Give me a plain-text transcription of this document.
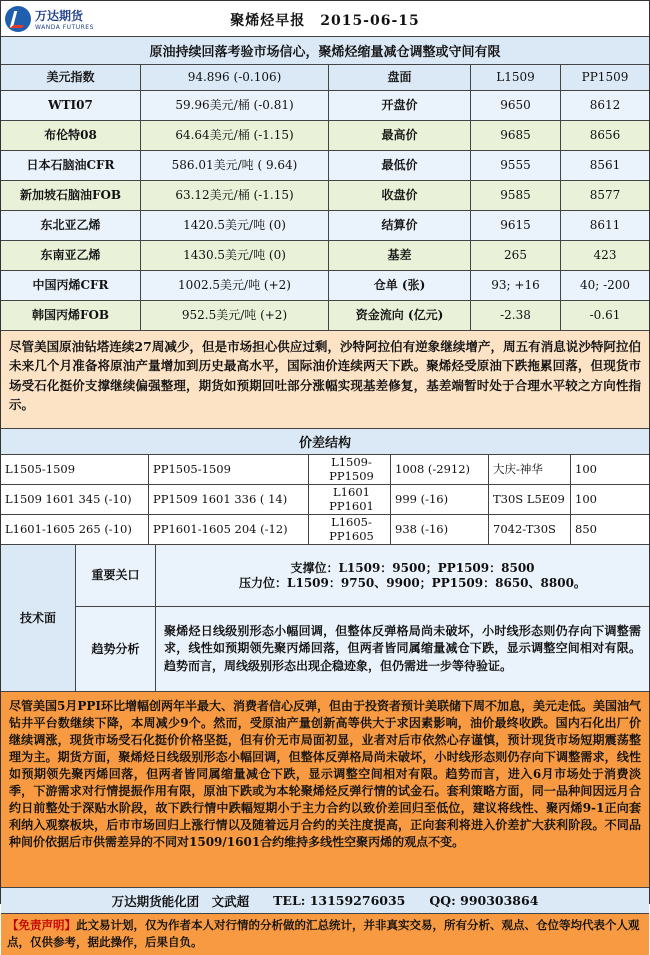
万达期货
WANDA FUTURES	聚烯烃早报　 2015-06-15
原油持续回落考验市场信心，聚烯烃缩量减仓调整或守间有限
美元指数	94.896 (-0.106)	盘面	L1509	PP1509
WTI07	59.96美元/桶 (-0.81)	开盘价	9650	8612
布伦特08	64.64美元/桶 (-1.15)	最高价	9685	8656
日本石脑油CFR	586.01美元/吨 ( 9.64)	最低价	9555	8561
新加坡石脑油FOB	63.12美元/桶 (-1.15)	收盘价	9585	8577
东北亚乙烯	1420.5美元/吨 (0)	结算价	9615	8611
东南亚乙烯	1430.5美元/吨 (0)	基差	265	423
中国丙烯CFR	1002.5美元/吨 (+2)	仓单 (张)	93; +16	40; -200
韩国丙烯FOB	952.5美元/吨 (+2)	资金流向 (亿元)	-2.38	-0.61
尽管美国原油钻塔连续27周减少，但是市场担心供应过剩，沙特阿拉伯有逆象继续增产，周五有消息说沙特阿拉伯未来几个月准备将原油产量增加到历史最高水平，国际油价连续两天下跌。聚烯烃受原油下跌拖累回落，但现货市场受石化挺价支撑继续偏强整理，期货如预期回吐部分涨幅实现基差修复，基差端暂时处于合理水平较之方向性指示。
价差结构
L1505-1509	PP1505-1509	L1509-PP1509	1008 (-2912)	大庆-神华	100
L1509 1601 345 (-10)	PP1509 1601 336 ( 14)	L1601 PP1601	999 (-16)	T30S L5E09 100
L1601-1605 265 (-10)	PP1601-1605 204 (-12)	L1605-PP1605	938 (-16)	7042-T30S	850
技术面
重要关口
支撑位：L1509：9500；PP1509：8500
压力位：L1509：9750、9900；PP1509：8650、8800。
趋势分析
聚烯烃日线级别形态小幅回调，但整体反弹格局尚未破坏，小时线形态则仍存向下调整需求，线性如预期领先聚丙烯回落，但两者皆同属缩量减仓下跌，显示调整空间相对有限。趋势而言，周线级别形态出现企稳迹象，但仍需进一步等待验证。
尽管美国5月PPI环比增幅创两年半最大、消费者信心反弹，但由于投资者预计美联储下周不加息，美元走低。美国油气钻井平台数继续下降，本周减少9个。然而，受原油产量创新高等供大于求因素影响，油价最终收跌。国内石化出厂价继续调涨，现货市场受石化挺价价格坚挺，但有价无市局面初显，业者对后市依然心存谨慎，预计现货市场短期震荡整理为主。期货方面，聚烯烃日线级别形态小幅回调，但整体反弹格局尚未破坏，小时线形态则仍存向下调整需求，线性如预期领先聚丙烯回落，但两者皆同属缩量减仓下跌，显示调整空间相对有限。趋势而言，进入6月市场处于消费淡季，下游需求对行情提振作用有限，原油下跌或为本轮聚烯烃反弹行情的试金石。套利策略方面，同一品种间因远月合约日前整处于深贴水阶段，故下跌行情中跌幅短期小于主力合约以致价差回归至低位，建议将线性、聚丙烯9-1正向套利纳入观察板块，后市市场回归上涨行情以及随着远月合约的关注度提高，正向套利将进入价差扩大获利阶段。不同品种间价依据后市供需差异的不同对1509/1601合约维持多线性空聚丙烯的观点不变。
万达期货能化团　文武超 TEL: 13159276035 QQ: 990303864
【免责声明】此文易计划，仅为作者本人对行情的分析做的汇总统计，并非真实交易，所有分析、观点、仓位等均代表个人观点，仅供参考，据此操作，后果自负。
